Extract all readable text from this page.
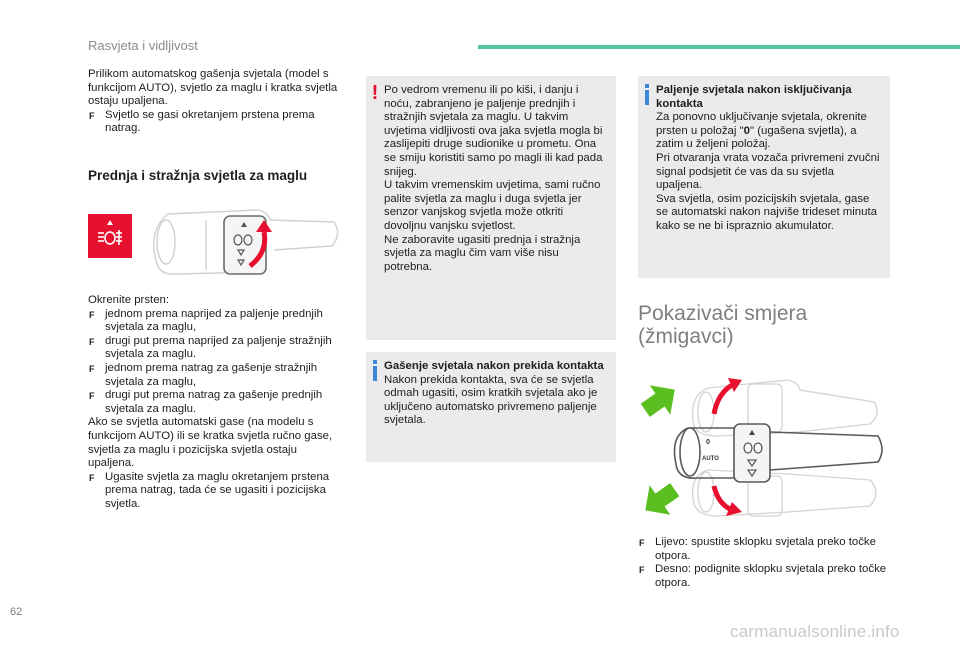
Rasvjeta i vidljivost

Prilikom automatskog gašenja svjetala (model s funkcijom AUTO), svjetlo za maglu i kratka svjetla ostaju upaljena.

F Svjetlo se gasi okretanjem prstena prema natrag.

Prednja i stražnja svjetla za maglu

Okrenite prsten:

F jednom prema naprijed za paljenje prednjih svjetala za maglu,

F drugi put prema naprijed za paljenje stražnjih svjetala za maglu.

F jednom prema natrag za gašenje stražnjih svjetala za maglu,

F drugi put prema natrag za gašenje prednjih svjetala za maglu.

Ako se svjetla automatski gase (na modelu s funkcijom AUTO) ili se kratka svjetla ručno gase, svjetla za maglu i pozicijska svjetla ostaju upaljena.

F Ugasite svjetla za maglu okretanjem prstena prema natrag, tada će se ugasiti i pozicijska svjetla.

! Po vedrom vremenu ili po kiši, i danju i noću, zabranjeno je paljenje prednjih i stražnjih svjetala za maglu. U takvim uvjetima vidljivosti ova jaka svjetla mogla bi zaslijepiti druge sudionike u prometu. Ona se smiju koristiti samo po magli ili kad pada snijeg.

U takvim vremenskim uvjetima, sami ručno palite svjetla za maglu i duga svjetla jer senzor vanjskog svjetla može otkriti dovoljnu vanjsku svjetlost.

Ne zaboravite ugasiti prednja i stražnja svjetla za maglu čim vam više nisu potrebna.

Gašenje svjetala nakon prekida kontakta

Nakon prekida kontakta, sva će se svjetla odmah ugasiti, osim kratkih svjetala ako je uključeno automatsko privremeno paljenje svjetala.

Paljenje svjetala nakon isključivanja kontakta

Za ponovno uključivanje svjetala, okrenite prsten u položaj "0" (ugašena svjetla), a zatim u željeni položaj.

Pri otvaranja vrata vozača privremeni zvučni signal podsjetit će vas da su svjetla upaljena.

Sva svjetla, osim pozicijskih svjetala, gase se automatski nakon najviše trideset minuta kako se ne bi ispraznio akumulator.

Pokazivači smjera
(žmigavci)
AUTO
0

F Lijevo: spustite sklopku svjetala preko točke otpora.

F Desno: podignite sklopku svjetala preko točke otpora.

62
carmanualsonline.info
